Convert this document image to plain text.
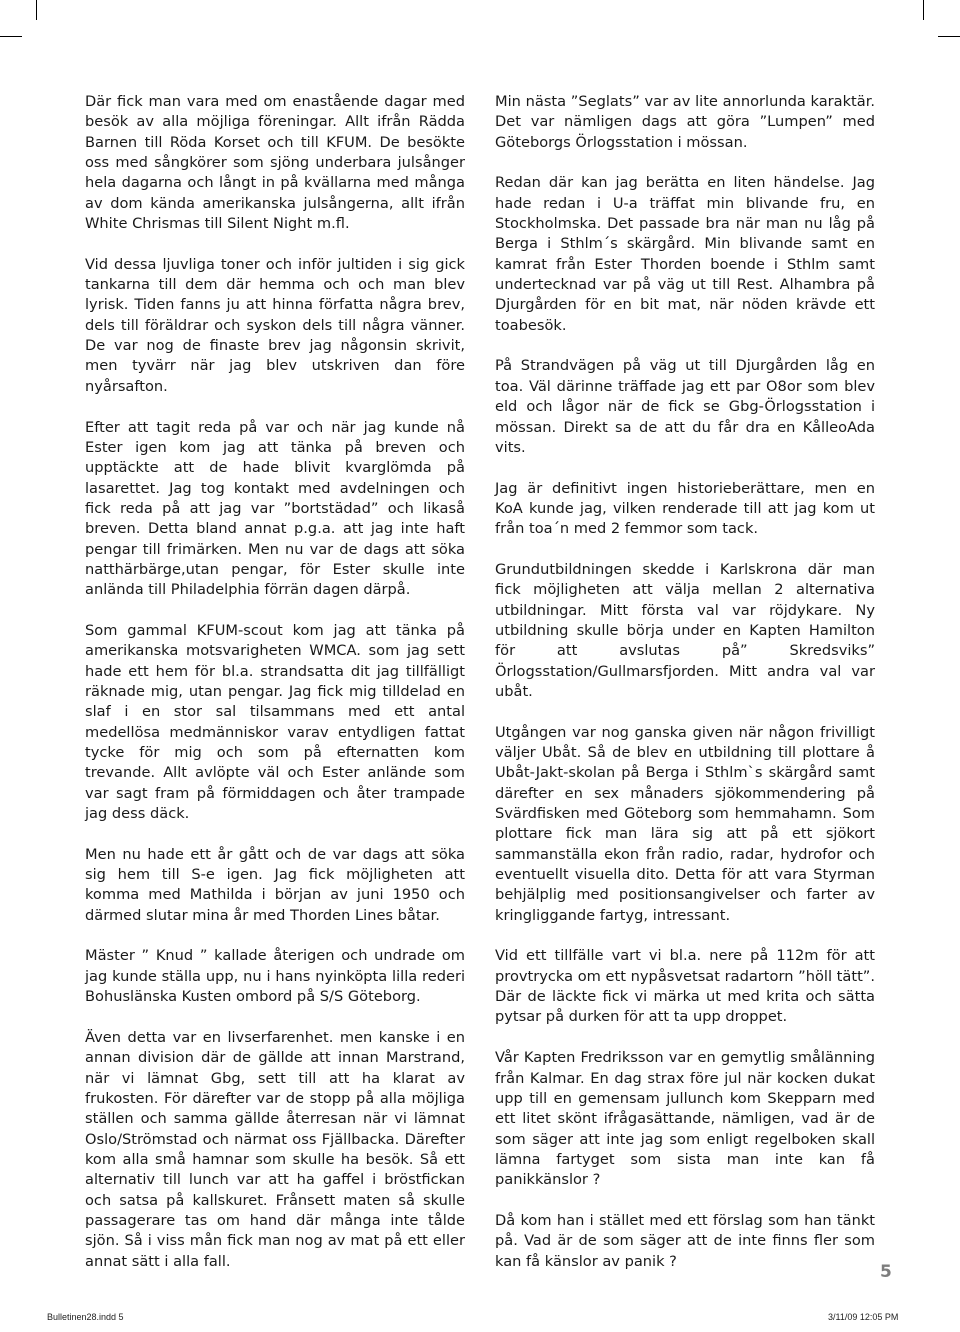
Där fick man vara med om enastående dagar med besök av alla möjliga föreningar. Allt ifrån Rädda Barnen till Röda Korset och till KFUM. De besökte oss med sångkörer som sjöng underbara julsånger hela dagarna och långt in på kvällarna med många av dom kända amerikanska julsångerna, allt ifrån White Chrismas till Silent Night m.fl.

Vid dessa ljuvliga toner och inför jultiden i sig gick tankarna till dem där hemma och och man blev lyrisk. Tiden fanns ju att hinna författa några brev, dels till föräldrar och syskon dels till några vänner. De var nog de finaste brev jag någonsin skrivit, men tyvärr när jag blev utskriven dan före nyårsafton.

Efter att tagit reda på var och när jag kunde nå Ester igen kom jag att tänka på breven och upptäckte att de hade blivit kvarglömda på lasarettet. Jag tog kontakt med avdelningen och fick reda på att jag var ”bortstädad” och likaså breven. Detta bland annat p.g.a. att jag inte haft pengar till frimärken. Men nu var de dags att söka natthärbärge,utan pengar, för Ester skulle inte anlända till Philadelphia förrän dagen därpå.

Som gammal KFUM-scout kom jag att tänka på amerikanska motsvarigheten WMCA. som jag sett hade ett hem för bl.a. strandsatta dit jag tillfälligt räknade mig, utan pengar. Jag fick mig tilldelad en slaf i en stor sal tilsammans med ett antal medellösa medmänniskor varav entydligen fattat tycke för mig och som på efternatten kom trevande. Allt avlöpte väl och Ester anlände som var sagt fram på förmiddagen och åter trampade jag dess däck.

Men nu hade ett år gått och de var dags att söka sig hem till S-e igen. Jag fick möjligheten att komma med Mathilda i början av juni 1950 och därmed slutar mina år med Thorden Lines båtar.

Mäster ” Knud ” kallade återigen och undrade om jag kunde ställa upp, nu i hans nyinköpta lilla rederi Bohuslänska Kusten ombord på S/S Göteborg.

Även detta var en livserfarenhet. men kanske i en annan division där de gällde att innan Marstrand, när vi lämnat Gbg, sett till att ha klarat av frukosten. För därefter var de stopp på alla möjliga ställen och samma gällde återresan när vi lämnat Oslo/Strömstad och närmat oss Fjällbacka. Därefter kom alla små hamnar som skulle ha besök. Så ett alternativ till lunch var att ha gaffel i bröstfickan och satsa på kallskuret. Frånsett maten så skulle passagerare tas om hand där många inte tålde sjön. Så i viss mån fick man nog av mat på ett eller annat sätt i alla fall.

Min nästa ”Seglats” var av lite annorlunda karaktär. Det var nämligen dags att göra ”Lumpen” med Göteborgs Örlogsstation i mössan.

Redan där kan jag berätta en liten händelse. Jag hade redan i U-a träffat min blivande fru, en Stockholmska. Det passade bra när man nu låg på Berga i Sthlm´s skärgård. Min blivande samt en kamrat från Ester Thorden boende i Sthlm samt undertecknad var på väg ut till Rest. Alhambra på Djurgården för en bit mat, när nöden krävde ett toabesök.

På Strandvägen på väg ut till Djurgården låg en toa. Väl därinne träffade jag ett par O8or som blev eld och lågor när de fick se Gbg-Örlogsstation i mössan. Direkt sa de att du får dra en KålleoAda vits.

Jag är definitivt ingen historieberättare, men en KoA kunde jag, vilken renderade till att jag kom ut från toa´n med 2 femmor som tack.

Grundutbildningen skedde i Karlskrona där man fick möjligheten att välja mellan 2 alternativa utbildningar. Mitt första val var röjdykare. Ny utbildning skulle börja under en Kapten Hamilton för att avslutas på” Skredsviks” Örlogsstation/Gullmarsfjorden. Mitt andra val var ubåt.

Utgången var nog ganska given när någon frivilligt väljer Ubåt. Så de blev en utbildning till plottare å Ubåt-Jakt-skolan på Berga i Sthlm`s skärgård samt därefter en sex månaders sjökommendering på Svärdfisken med Göteborg som hemmahamn. Som plottare fick man lära sig att på ett sjökort sammanställa ekon från radio, radar, hydrofor och eventuellt visuella dito. Detta för att vara Styrman behjälplig med positionsangivelser och farter av kringliggande fartyg, intressant.

Vid ett tillfälle vart vi bl.a. nere på 112m för att provtrycka om ett nypåsvetsat radartorn ”höll tätt”. Där de läckte fick vi märka ut med krita och sätta pytsar på durken för att ta upp droppet.

Vår Kapten Fredriksson var en gemytlig smålänning från Kalmar. En dag strax före jul när kocken dukat upp till en gemensam jullunch kom Skepparn med ett litet skönt ifrågasättande, nämligen, vad är de som säger att inte jag som enligt regelboken skall lämna fartyget som sista man inte kan få panikkänslor ?

Då kom han i stället med ett förslag som han tänkt på. Vad är de som säger att de inte finns fler som kan få känslor av panik ?

5
Bulletinen28.indd 5	3/11/09 12:05 PM
